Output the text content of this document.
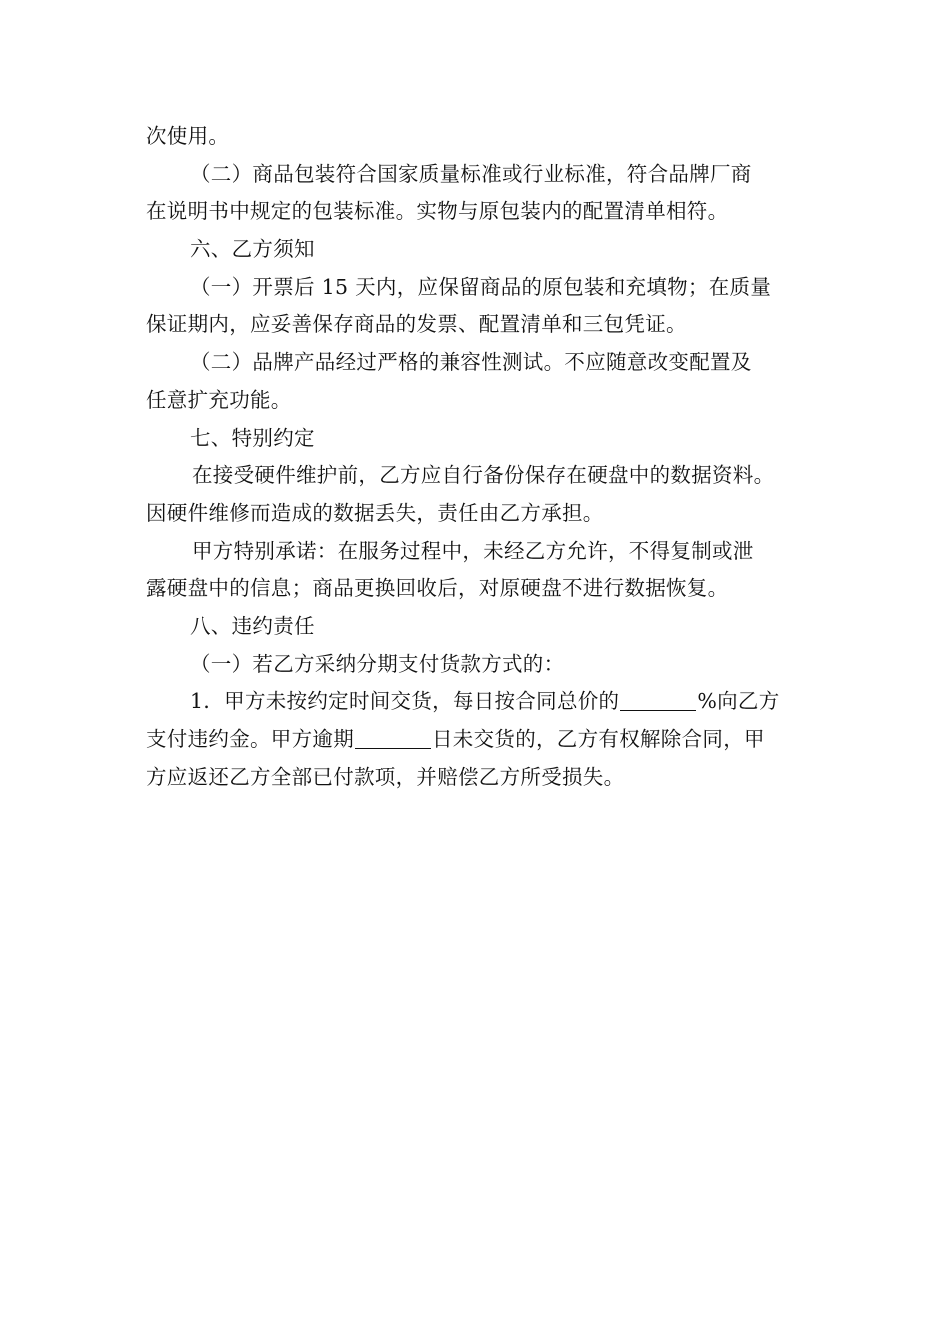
次使用。
（二）商品包装符合国家质量标准或行业标准，符合品牌厂商
在说明书中规定的包装标准。实物与原包装内的配置清单相符。
六、乙方须知
（一）开票后 15 天内，应保留商品的原包装和充填物；在质量
保证期内，应妥善保存商品的发票、配置清单和三包凭证。
（二）品牌产品经过严格的兼容性测试。不应随意改变配置及
任意扩充功能。
七、特别约定
在接受硬件维护前，乙方应自行备份保存在硬盘中的数据资料。
因硬件维修而造成的数据丢失，责任由乙方承担。
甲方特别承诺：在服务过程中，未经乙方允许，不得复制或泄
露硬盘中的信息；商品更换回收后，对原硬盘不进行数据恢复。
八、违约责任
（一）若乙方采纳分期支付货款方式的：
1．甲方未按约定时间交货，每日按合同总价的	%向乙方
支付违约金。甲方逾期	日未交货的，乙方有权解除合同，甲
方应返还乙方全部已付款项，并赔偿乙方所受损失。
